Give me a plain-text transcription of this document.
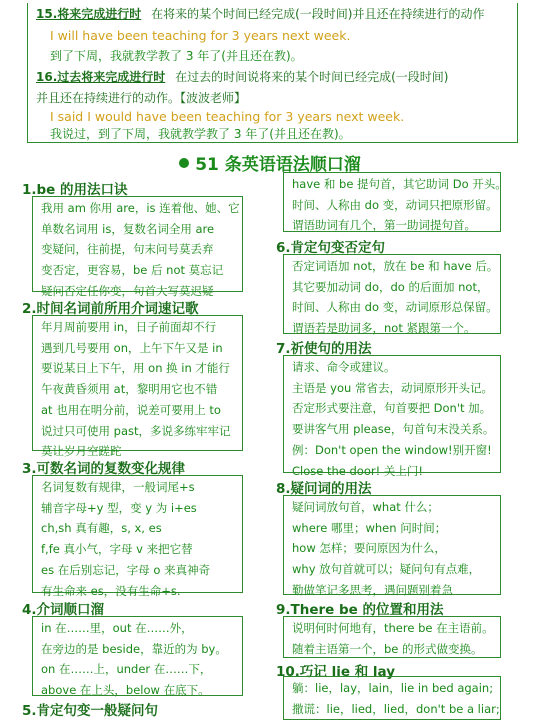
15.将来完成进行时 在将来的某个时间已经完成(一段时间)并且还在持续进行的动作
I will have been teaching for 3 years next week.
到了下周，我就教学教了 3 年了(并且还在教)。
16.过去将来完成进行时 在过去的时间说将来的某个时间已经完成(一段时间)
并且还在持续进行的动作。【波波老师】
I said I would have been teaching for 3 years next week.
我说过，到了下周，我就教学教了 3 年了(并且还在教)。
51 条英语语法顺口溜
1.be 的用法口诀
我用 am 你用 are，is 连着他、她、它
单数名词用 is，复数名词全用 are
变疑问，往前提，句末问号莫丢弃
变否定，更容易，be 后 not 莫忘记
疑问否定任你变，句首大写莫迟疑
2.时间名词前所用介词速记歌
年月周前要用 in，日子前面却不行
遇到几号要用 on，上午下午又是 in
要说某日上下午，用 on 换 in 才能行
午夜黄昏须用 at，黎明用它也不错
at 也用在明分前，说差可要用上 to
说过只可使用 past，多说多练牢牢记
莫让岁月空蹉跎
3.可数名词的复数变化规律
名词复数有规律，一般词尾+s
辅音字母+y 型，变 y 为 i+es
ch,sh 真有趣，s, x, es
f,fe 真小气，字母 v 来把它替
es 在后别忘记，字母 o 来真神奇
有生命来 es，没有生命+s.
4.介词顺口溜
in 在……里，out 在……外，
在旁边的是 beside，靠近的为 by。
on 在……上，under 在……下，
above 在上头，below 在底下。
5.肯定句变一般疑问句
have 和 be 提句首，其它助词 Do 开头。
时间、人称由 do 变，动词只把原形留。
谓语助词有几个，第一助词提句首。
6.肯定句变否定句
否定词语加 not，放在 be 和 have 后。
其它要加动词 do，do 的后面加 not，
时间、人称由 do 变，动词原形总保留。
谓语若是助词多，not 紧跟第一个。
7.祈使句的用法
请求、命令或建议。
主语是 you 常省去，动词原形开头记。
否定形式要注意，句首要把 Don't 加。
要讲客气用 please，句首句末没关系。
例：Don't open the window!别开窗!
Close the door! 关上门!
8.疑问词的用法
疑问词放句首，what 什么；
where 哪里；when 问时间；
how 怎样；要问原因为什么，
why 放句首就可以；疑问句有点难，
勤做笔记多思考，遇问题别着急
9.There be 的位置和用法
说明何时何地有，there be 在主语前。
随着主语第一个，be 的形式做变换。
10.巧记 lie 和 lay
躺：lie，lay，lain，lie in bed again;
撒谎：lie，lied，lied，don't be a liar;
